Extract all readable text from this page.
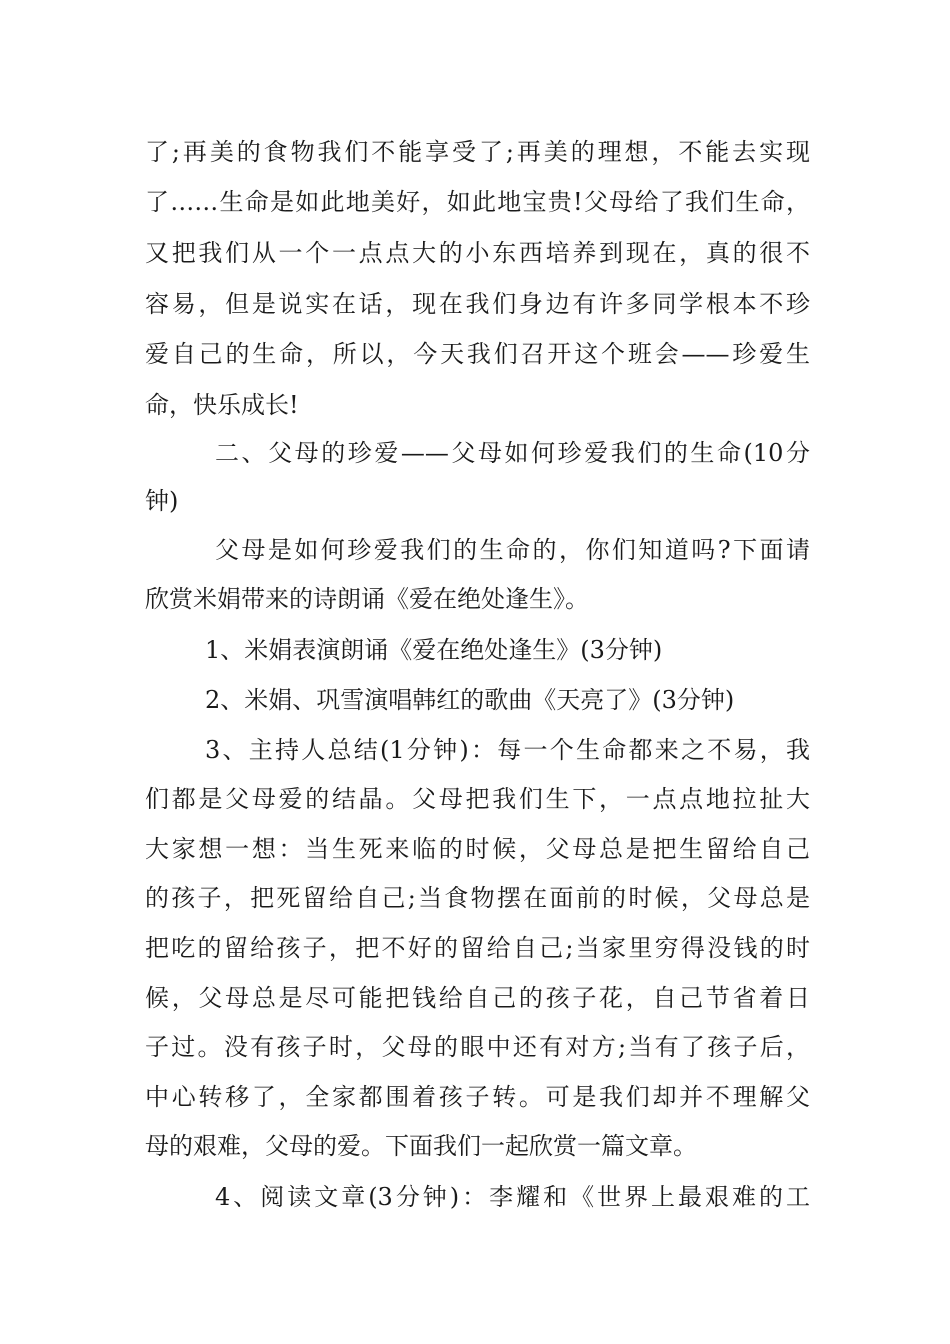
了;再美的食物我们不能享受了;再美的理想，不能去实现
了……生命是如此地美好，如此地宝贵!父母给了我们生命，
又把我们从一个一点点大的小东西培养到现在，真的很不
容易，但是说实在话，现在我们身边有许多同学根本不珍
爱自己的生命，所以，今天我们召开这个班会——珍爱生
命，快乐成长!
二、父母的珍爱——父母如何珍爱我们的生命(10分
钟)
父母是如何珍爱我们的生命的，你们知道吗?下面请
欣赏米娟带来的诗朗诵《爱在绝处逢生》。
1、米娟表演朗诵《爱在绝处逢生》(3分钟)
2、米娟、巩雪演唱韩红的歌曲《天亮了》(3分钟)
3、主持人总结(1分钟)：每一个生命都来之不易，我
们都是父母爱的结晶。父母把我们生下，一点点地拉扯大
大家想一想：当生死来临的时候，父母总是把生留给自己
的孩子，把死留给自己;当食物摆在面前的时候，父母总是
把吃的留给孩子，把不好的留给自己;当家里穷得没钱的时
候，父母总是尽可能把钱给自己的孩子花，自己节省着日
子过。没有孩子时，父母的眼中还有对方;当有了孩子后，
中心转移了，全家都围着孩子转。可是我们却并不理解父
母的艰难，父母的爱。下面我们一起欣赏一篇文章。
4、阅读文章(3分钟)：李耀和《世界上最艰难的工
